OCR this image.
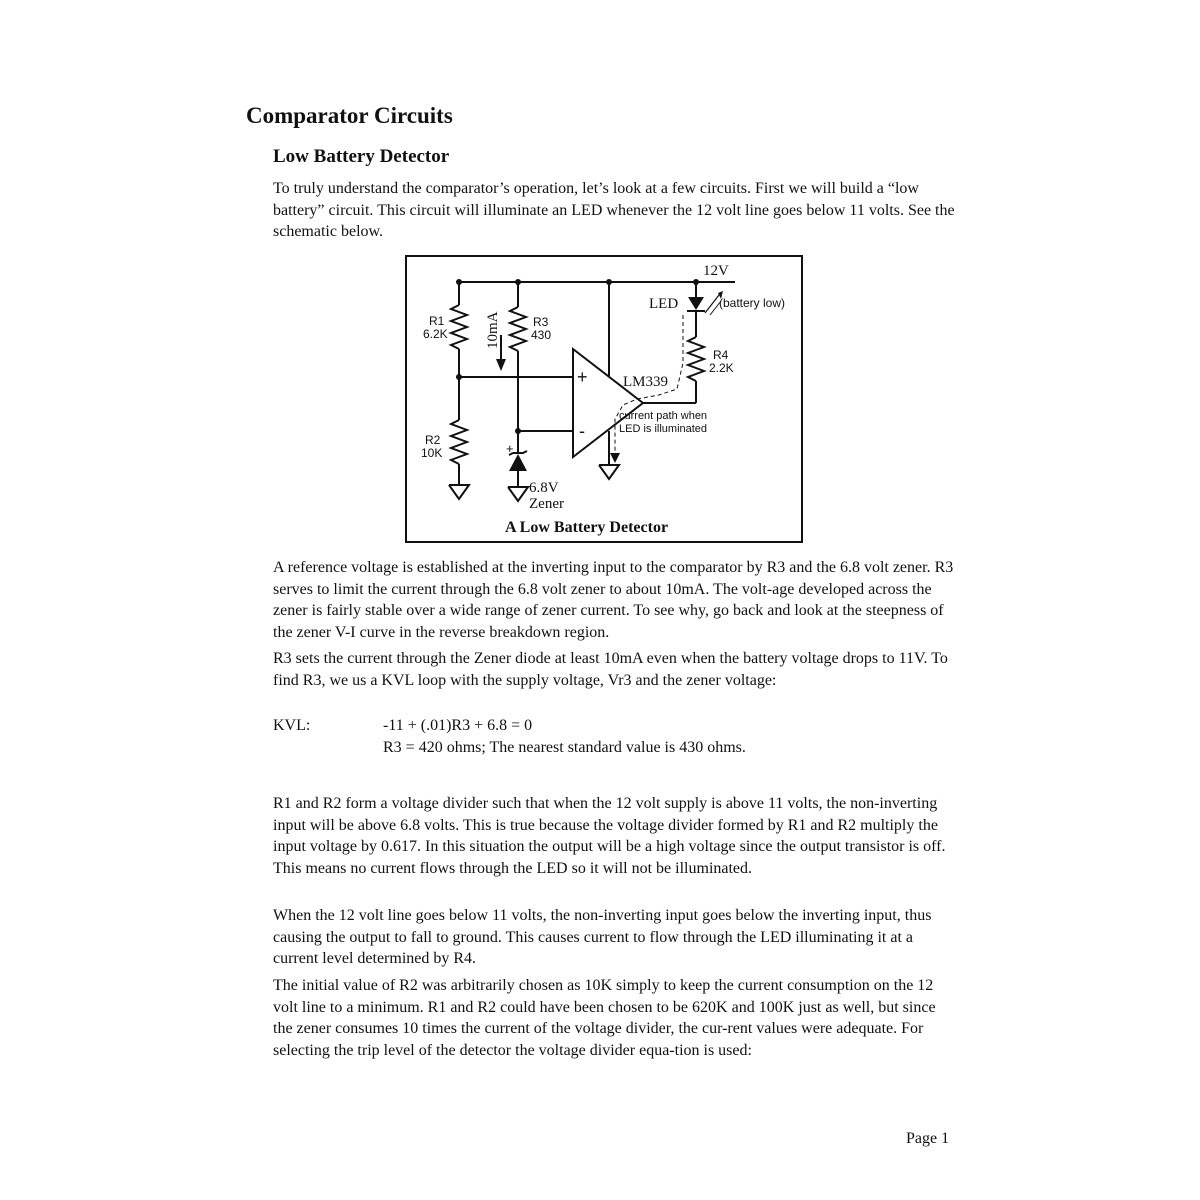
Comparator Circuits
Low Battery Detector

To truly understand the comparator’s operation, let’s look at a few circuits. First we will build a “low battery” circuit. This circuit will illuminate an LED whenever the 12 volt line goes below 11 volts. See the schematic below.

12V
R1
6.2K
R2
10K
R3
430
10mA
+
6.8V
Zener
+
-
LM339
LED	(battery low)
R4
2.2K
current path when
LED is illuminated
A Low Battery Detector

A reference voltage is established at the inverting input to the comparator by R3 and the 6.8 volt zener. R3 serves to limit the current through the 6.8 volt zener to about 10mA. The volt-age developed across the zener is fairly stable over a wide range of zener current. To see why, go back and look at the steepness of the zener V-I curve in the reverse breakdown region.

R3 sets the current through the Zener diode at least 10mA even when the battery voltage drops to 11V. To find R3, we us a KVL loop with the supply voltage, Vr3 and the zener voltage:

KVL:	-11 + (.01)R3 + 6.8 = 0
R3 = 420 ohms; The nearest standard value is 430 ohms.

R1 and R2 form a voltage divider such that when the 12 volt supply is above 11 volts, the non-inverting input will be above 6.8 volts. This is true because the voltage divider formed by R1 and R2 multiply the input voltage by 0.617. In this situation the output will be a high voltage since the output transistor is off. This means no current flows through the LED so it will not be illuminated.

When the 12 volt line goes below 11 volts, the non-inverting input goes below the inverting input, thus causing the output to fall to ground. This causes current to flow through the LED illuminating it at a current level determined by R4.

The initial value of R2 was arbitrarily chosen as 10K simply to keep the current consumption on the 12 volt line to a minimum. R1 and R2 could have been chosen to be 620K and 100K just as well, but since the zener consumes 10 times the current of the voltage divider, the cur-rent values were adequate. For selecting the trip level of the detector the voltage divider equa-tion is used:

Page 1
